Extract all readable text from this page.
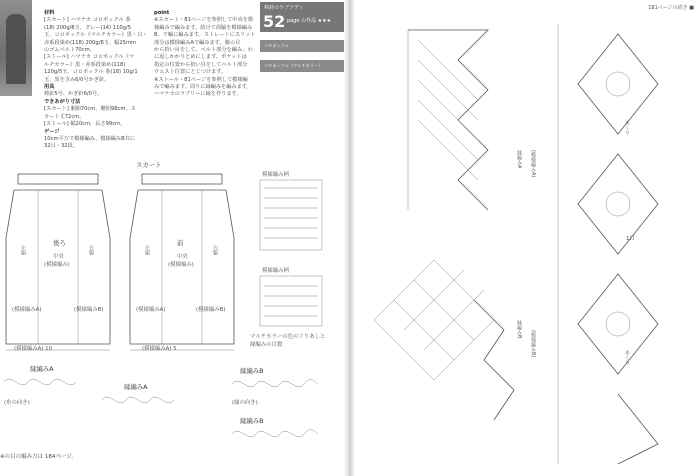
材料
[スカート] ハマナカ コロポックル 茶
(18) 200g/8玉、グレー(14) 110g/5
玉、コロポックル《マルチカラー》黒・白・
赤系段染め(118) 200g/8玉、幅25mm
のゴムベルト70cm。
[ストール] ハマナカ コロポックル《マ
ルチカラー》黒・赤系段染め(118)
120g/5玉、コロポックル 茶(18) 10g/1
玉、黒を含み6/0号かぎ針。
用具
棒針5号、かぎ針6/0号。
できあがり寸法
[スカート] 胴囲70cm、腰囲98cm、ス
カート丈72cm。
[ストール] 幅20cm、長さ99cm。
ゲージ
10cm平方で模様編み、模様編みB共に
32目・32段。
point
※スカート・81ページを参照して中央を模
様編みで編みます。続けて両脇を模様編み
B、で輪に編みます。ストレートにスリット
部分は模様編みAで編みます。腹の目
から拾い目をして、ベルト部分を編み、わ
に返しかかりとめにします。ポケットは
指定の位置から拾い目をしてベルト部分
ウエスト位置にとじつけます。
※ストール・81ページを参照して模様編
みで編みます。周りに縁編みを編みます。
ハマナカのラブリーに縁を作ります。
棒針のラブソディ
52 page の作品 ★★★
コロポックル
コロポックル《マルチカラー》
スカート
後ろ
中央
(模様編み)
左脇	右脇
(模様編みA)	(模様編みB)
(模様編みA) 10
前
中央
(模様編み)
左脇	右脇
(模様編みA)	(模様編みB)
(模様編みA) 5
模様編み柄
模様編み柄
マルチカラーの色のぐりあしと
縁編みの目数
縁編みA
(糸の向き)
縁編みA
縁編みB
(縁の向き)
縁編みB
※の目の編み方は 184ページ。
181ページの続き ■
縁編みA
縁編みB
(模様編みA)
(模様編みB)
あくり
1目
あくり
